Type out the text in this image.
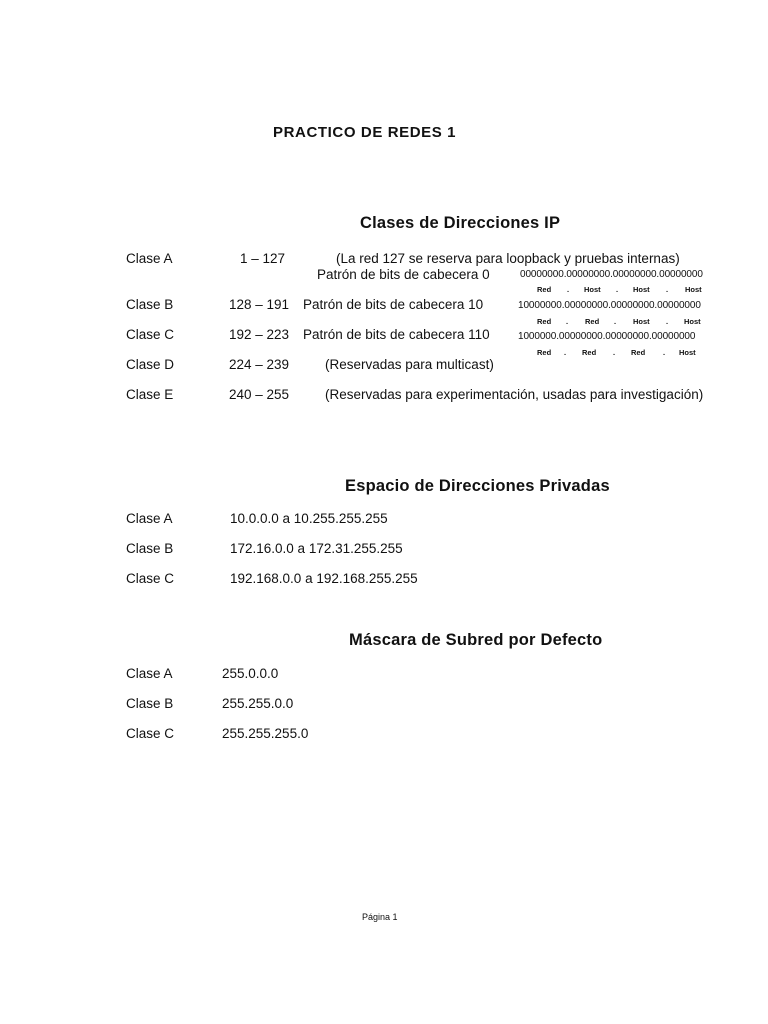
PRACTICO DE REDES 1
Clases de Direcciones IP
Clase A	1 – 127	(La red 127 se reserva para loopback y pruebas internas)
Patrón de bits de cabecera 0	00000000.00000000.00000000.00000000
Red . Host . Host . Host
Clase B	128 – 191 Patrón de bits de cabecera 10	10000000.00000000.00000000.00000000
Red . Red . Host . Host
Clase C	192 – 223 Patrón de bits de cabecera 110	1000000.00000000.00000000.00000000
Red . Red . Red . Host
Clase D	224 – 239	(Reservadas para multicast)
Clase E	240 – 255	(Reservadas para experimentación, usadas para investigación)
Espacio de Direcciones Privadas
Clase A	10.0.0.0 a 10.255.255.255
Clase B	172.16.0.0 a 172.31.255.255
Clase C	192.168.0.0 a 192.168.255.255
Máscara de Subred por Defecto
Clase A	255.0.0.0
Clase B	255.255.0.0
Clase C	255.255.255.0
Página 1
